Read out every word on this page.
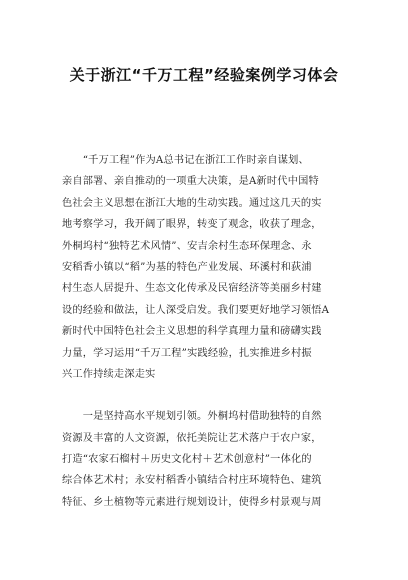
关于浙江“千万工程”经验案例学习体会
　　“千万工程”作为A总书记在浙江工作时亲自谋划、
亲自部署、亲自推动的一项重大决策，是A新时代中国特
色社会主义思想在浙江大地的生动实践。通过这几天的实
地考察学习，我开阔了眼界，转变了观念，收获了理念，
外桐坞村“独特艺术风情”、安吉余村生态环保理念、永
安稻香小镇以“稻”为基的特色产业发展、环溪村和荻浦
村生态人居提升、生态文化传承及民宿经济等美丽乡村建
设的经验和做法，让人深受启发。我们要更好地学习领悟A
新时代中国特色社会主义思想的科学真理力量和磅礴实践
力量，学习运用“千万工程”实践经验，扎实推进乡村振
兴工作持续走深走实
　　一是坚持高水平规划引领。外桐坞村借助独特的自然
资源及丰富的人文资源，依托美院让艺术落户于农户家，
打造“农家石榴村＋历史文化村＋艺术创意村”一体化的
综合体艺术村；永安村稻香小镇结合村庄环境特色、建筑
特征、乡土植物等元素进行规划设计，使得乡村景观与周
